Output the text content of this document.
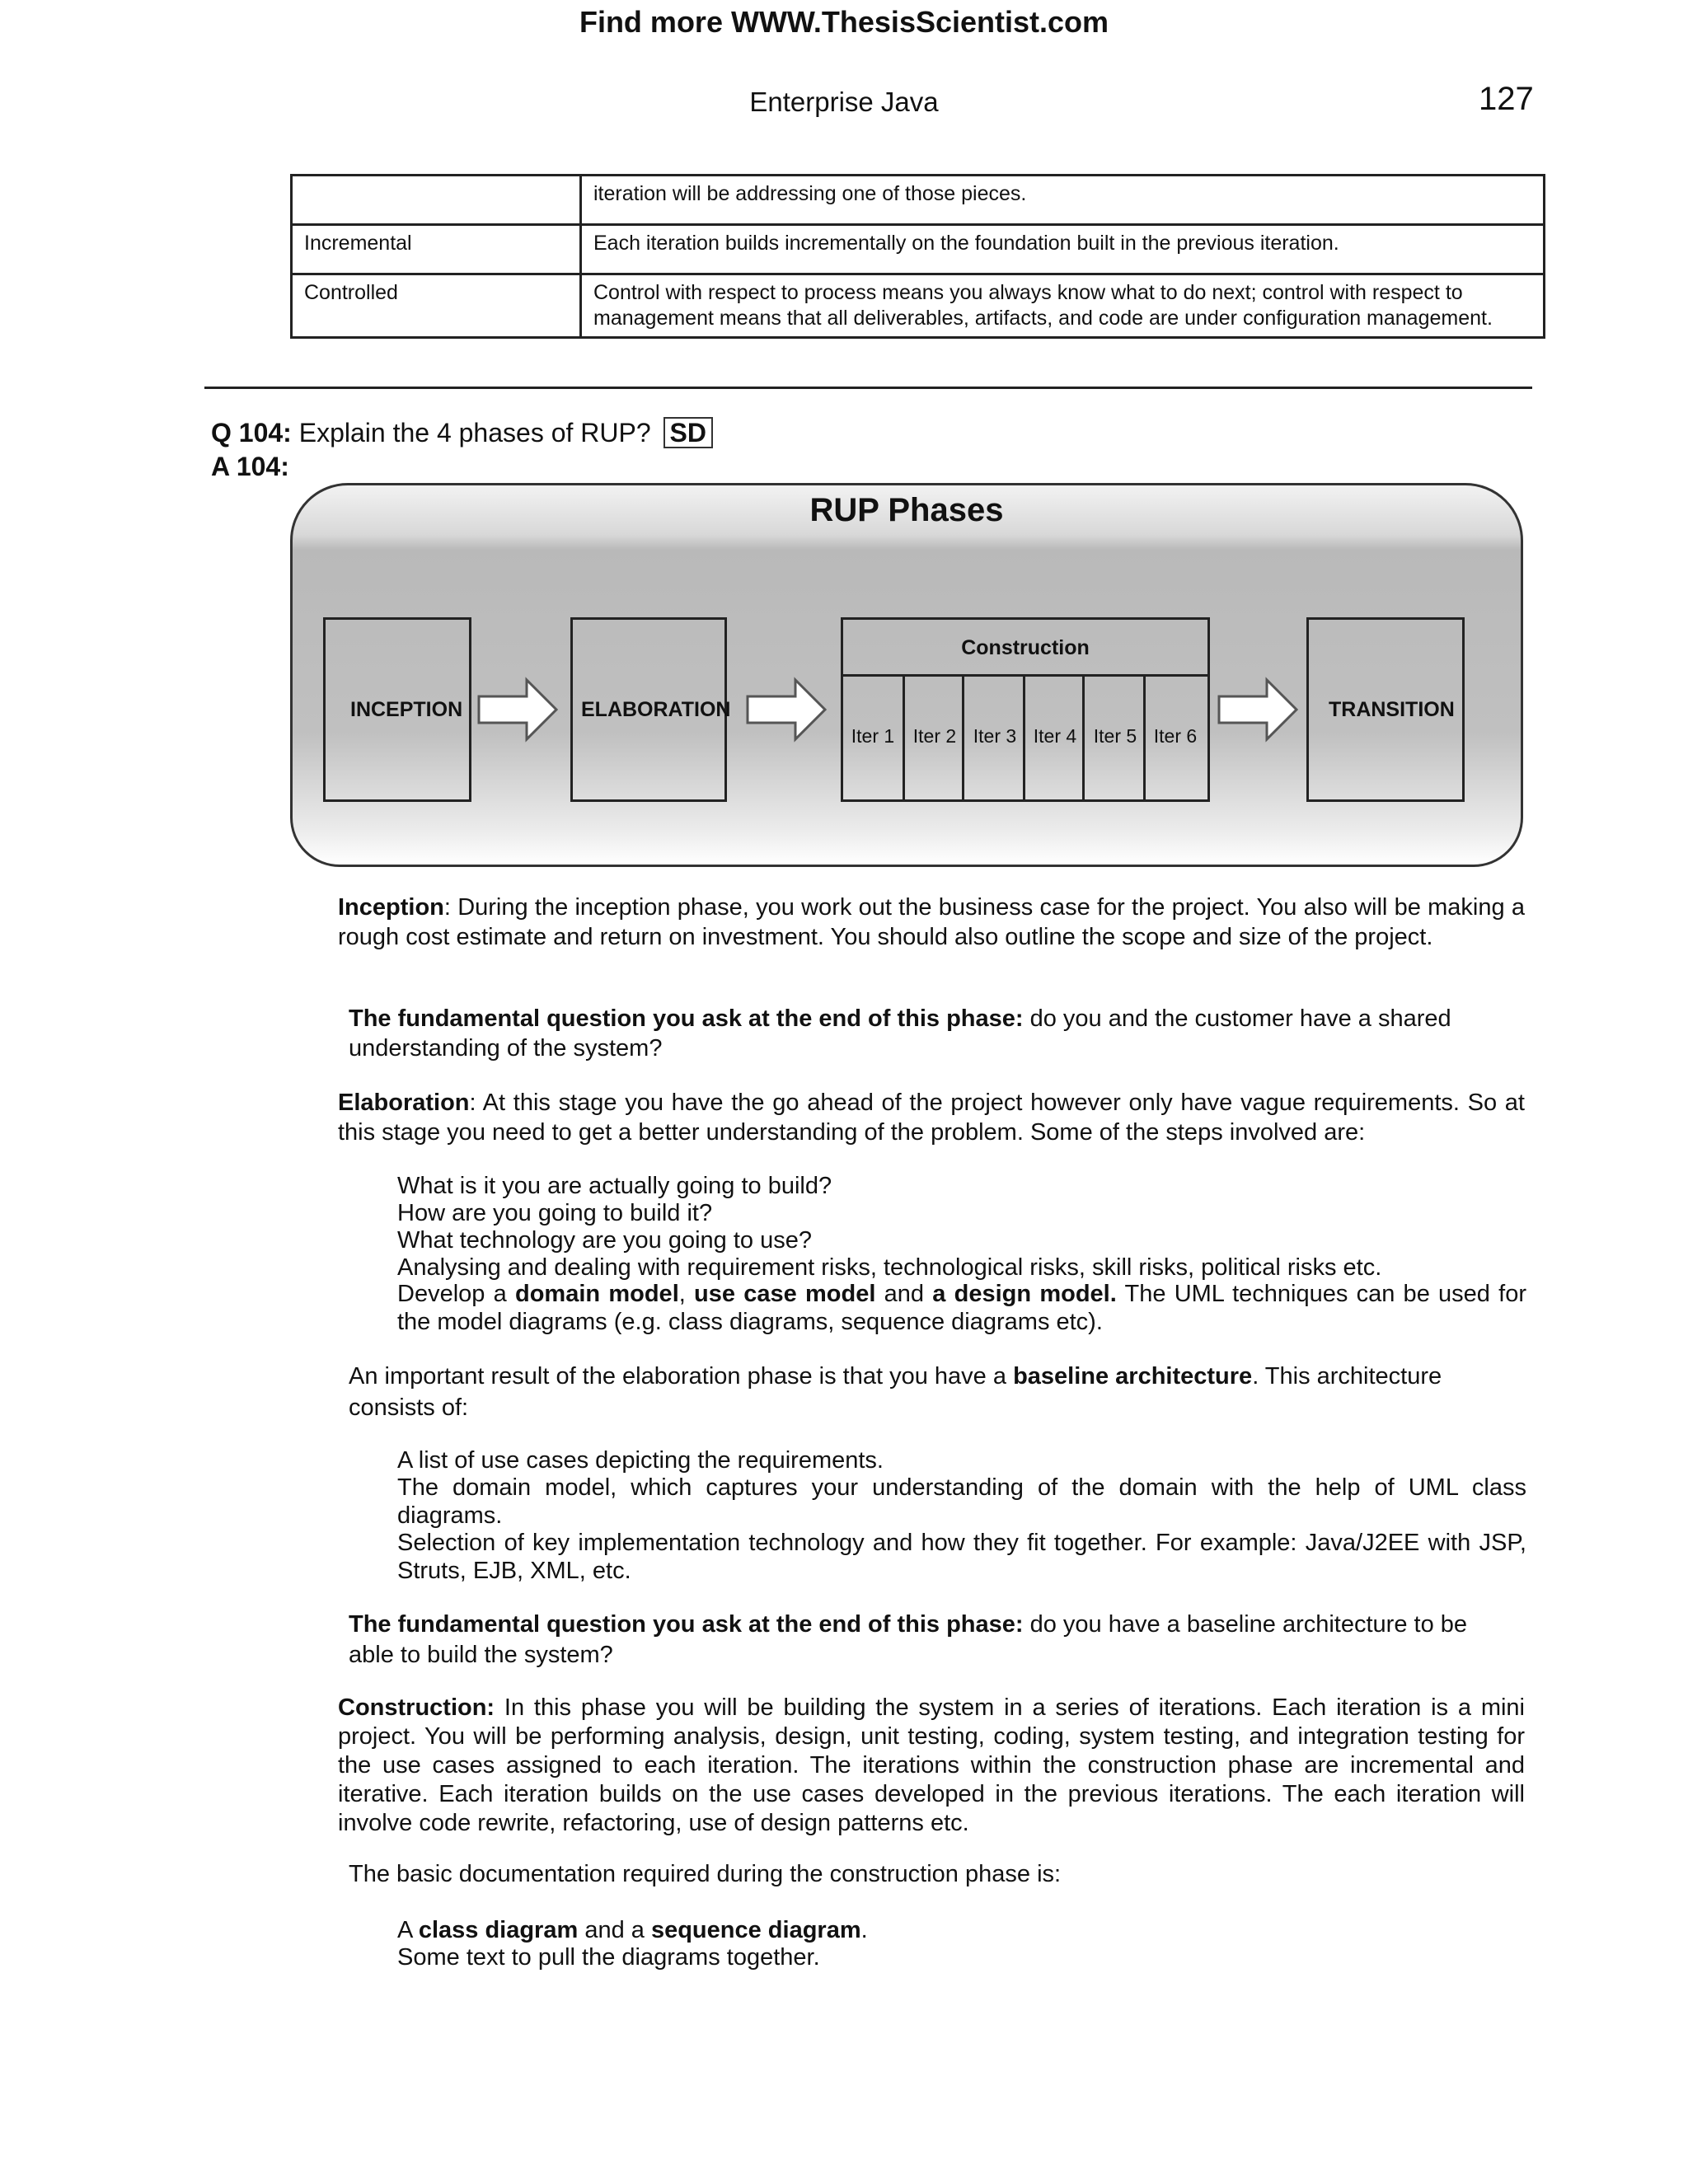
Find more WWW.ThesisScientist.com
Enterprise Java	127
	iteration will be addressing one of those pieces.
Incremental	Each iteration builds incrementally on the foundation built in the previous iteration.
Controlled	Control with respect to process means you always know what to do next; control with respect to management means that all deliverables, artifacts, and code are under configuration management.
Q 104: Explain the 4 phases of RUP? SD
A 104:
RUP Phases
INCEPTION	ELABORATION
Construction
Iter 1 Iter 2 Iter 3 Iter 4 Iter 5 Iter 6
TRANSITION
Inception: During the inception phase, you work out the business case for the project. You also will be making a rough cost estimate and return on investment. You should also outline the scope and size of the project.
The fundamental question you ask at the end of this phase: do you and the customer have a shared understanding of the system?
Elaboration: At this stage you have the go ahead of the project however only have vague requirements. So at this stage you need to get a better understanding of the problem. Some of the steps involved are:
What is it you are actually going to build?
How are you going to build it?
What technology are you going to use?
Analysing and dealing with requirement risks, technological risks, skill risks, political risks etc.
Develop a domain model, use case model and a design model. The UML techniques can be used for the model diagrams (e.g. class diagrams, sequence diagrams etc).
An important result of the elaboration phase is that you have a baseline architecture. This architecture consists of:
A list of use cases depicting the requirements.
The domain model, which captures your understanding of the domain with the help of UML class diagrams.
Selection of key implementation technology and how they fit together. For example: Java/J2EE with JSP, Struts, EJB, XML, etc.
The fundamental question you ask at the end of this phase: do you have a baseline architecture to be able to build the system?
Construction: In this phase you will be building the system in a series of iterations. Each iteration is a mini project. You will be performing analysis, design, unit testing, coding, system testing, and integration testing for the use cases assigned to each iteration. The iterations within the construction phase are incremental and iterative. Each iteration builds on the use cases developed in the previous iterations. The each iteration will involve code rewrite, refactoring, use of design patterns etc.
The basic documentation required during the construction phase is:
A class diagram and a sequence diagram.
Some text to pull the diagrams together.
